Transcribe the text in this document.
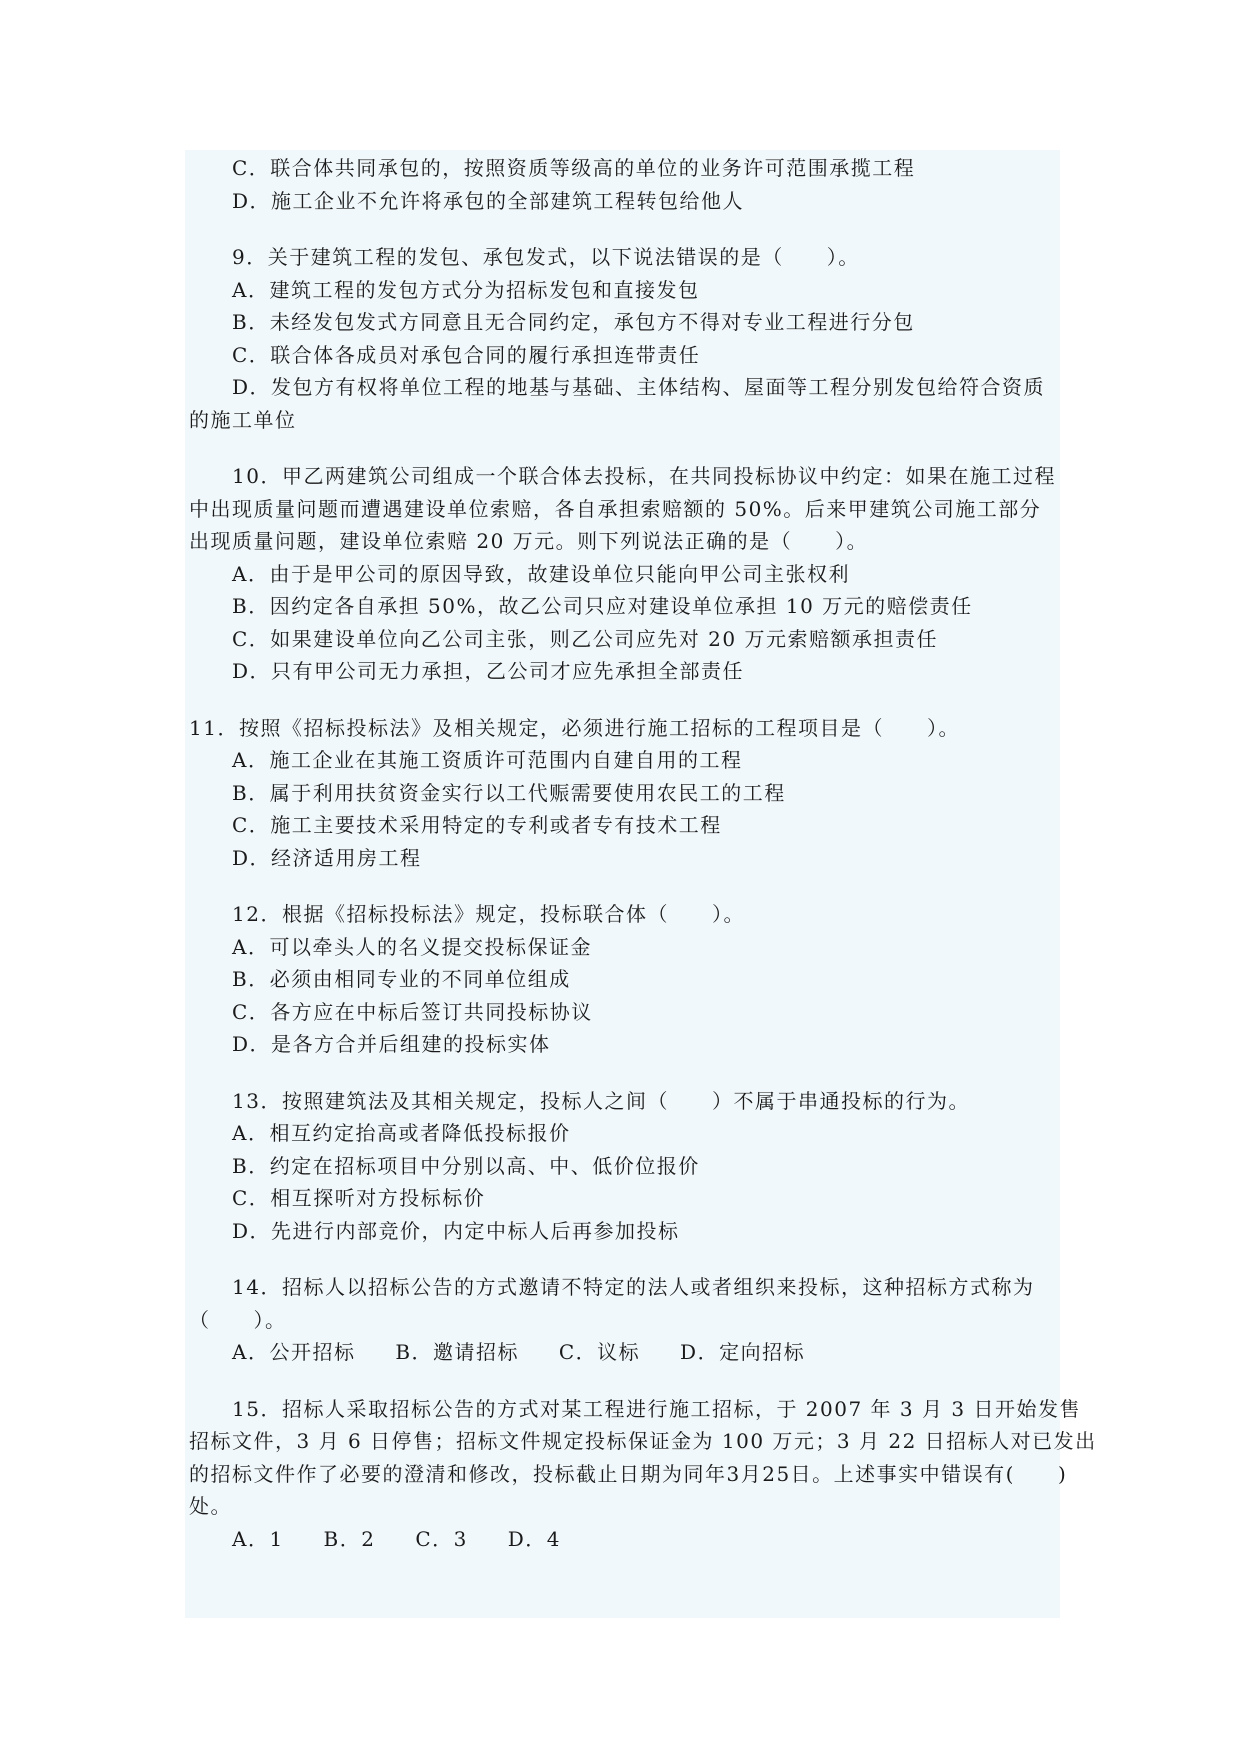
C．联合体共同承包的，按照资质等级高的单位的业务许可范围承揽工程
D．施工企业不允许将承包的全部建筑工程转包给他人
9．关于建筑工程的发包、承包发式，以下说法错误的是（　　）。
A．建筑工程的发包方式分为招标发包和直接发包
B．未经发包发式方同意且无合同约定，承包方不得对专业工程进行分包
C．联合体各成员对承包合同的履行承担连带责任
D．发包方有权将单位工程的地基与基础、主体结构、屋面等工程分别发包给符合资质
的施工单位
10．甲乙两建筑公司组成一个联合体去投标，在共同投标协议中约定：如果在施工过程
中出现质量问题而遭遇建设单位索赔，各自承担索赔额的 50%。后来甲建筑公司施工部分
出现质量问题，建设单位索赔 20 万元。则下列说法正确的是（　　）。
A．由于是甲公司的原因导致，故建设单位只能向甲公司主张权利
B．因约定各自承担 50%，故乙公司只应对建设单位承担 10 万元的赔偿责任
C．如果建设单位向乙公司主张，则乙公司应先对 20 万元索赔额承担责任
D．只有甲公司无力承担，乙公司才应先承担全部责任
11．按照《招标投标法》及相关规定，必须进行施工招标的工程项目是（　　）。
A．施工企业在其施工资质许可范围内自建自用的工程
B．属于利用扶贫资金实行以工代赈需要使用农民工的工程
C．施工主要技术采用特定的专利或者专有技术工程
D．经济适用房工程
12．根据《招标投标法》规定，投标联合体（　　）。
A．可以牵头人的名义提交投标保证金
B．必须由相同专业的不同单位组成
C．各方应在中标后签订共同投标协议
D．是各方合并后组建的投标实体
13．按照建筑法及其相关规定，投标人之间（　　）不属于串通投标的行为。
A．相互约定抬高或者降低投标报价
B．约定在招标项目中分别以高、中、低价位报价
C．相互探听对方投标标价
D．先进行内部竞价，内定中标人后再参加投标
14．招标人以招标公告的方式邀请不特定的法人或者组织来投标，这种招标方式称为
（　　）。
A．公开招标 B．邀请招标 C．议标 D．定向招标
15．招标人采取招标公告的方式对某工程进行施工招标，于 2007 年 3 月 3 日开始发售
招标文件，3 月 6 日停售；招标文件规定投标保证金为 100 万元；3 月 22 日招标人对已发出
的招标文件作了必要的澄清和修改，投标截止日期为同年3月25日。上述事实中错误有(　　)
处。
A．1 B．2 C．3 D．4
